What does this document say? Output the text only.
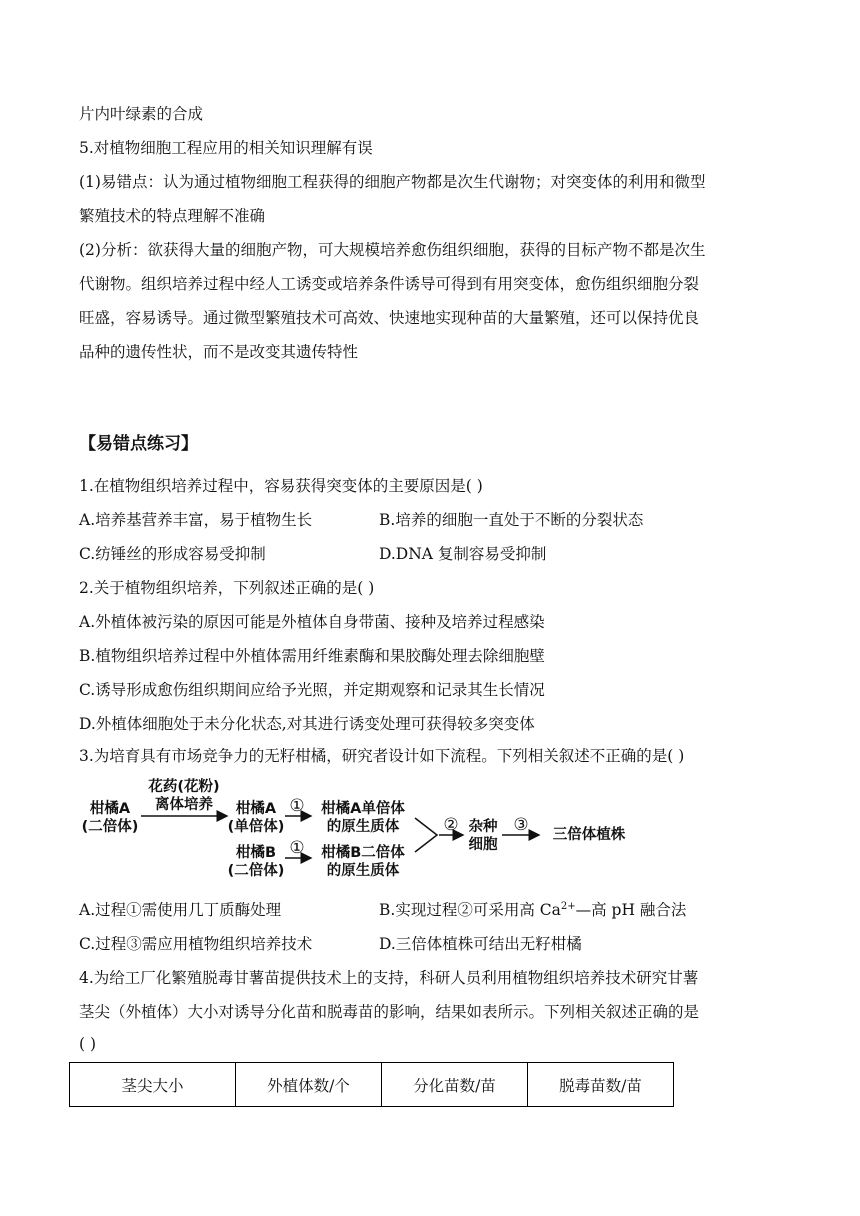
片内叶绿素的合成
5.对植物细胞工程应用的相关知识理解有误
(1)易错点：认为通过植物细胞工程获得的细胞产物都是次生代谢物；对突变体的利用和微型
繁殖技术的特点理解不准确
(2)分析：欲获得大量的细胞产物，可大规模培养愈伤组织细胞，获得的目标产物不都是次生
代谢物。组织培养过程中经人工诱变或培养条件诱导可得到有用突变体，愈伤组织细胞分裂
旺盛，容易诱导。通过微型繁殖技术可高效、快速地实现种苗的大量繁殖，还可以保持优良
品种的遗传性状，而不是改变其遗传特性
【易错点练习】
1.在植物组织培养过程中，容易获得突变体的主要原因是( )
A.培养基营养丰富，易于植物生长	B.培养的细胞一直处于不断的分裂状态
C.纺锤丝的形成容易受抑制	D.DNA 复制容易受抑制
2.关于植物组织培养，下列叙述正确的是( )
A.外植体被污染的原因可能是外植体自身带菌、接种及培养过程感染
B.植物组织培养过程中外植体需用纤维素酶和果胶酶处理去除细胞壁
C.诱导形成愈伤组织期间应给予光照，并定期观察和记录其生长情况
D.外植体细胞处于未分化状态,对其进行诱变处理可获得较多突变体
3.为培育具有市场竞争力的无籽柑橘，研究者设计如下流程。下列相关叙述不正确的是( )
柑橘A
(二倍体)
花药(花粉)
离体培养	柑橘A
(单倍体)
①	柑橘A单倍体
的原生质体
柑橘B
(二倍体)
①	柑橘B二倍体
的原生质体
② 杂种
细胞
③	三倍体植株
A.过程①需使用几丁质酶处理	B.实现过程②可采用高 $Ca^{2+}—$高 pH 融合法
C.过程③需应用植物组织培养技术	D.三倍体植株可结出无籽柑橘
4.为给工厂化繁殖脱毒甘薯苗提供技术上的支持，科研人员利用植物组织培养技术研究甘薯
茎尖（外植体）大小对诱导分化苗和脱毒苗的影响，结果如表所示。下列相关叙述正确的是
( )
茎尖大小	外植体数/个	分化苗数/苗	脱毒苗数/苗
